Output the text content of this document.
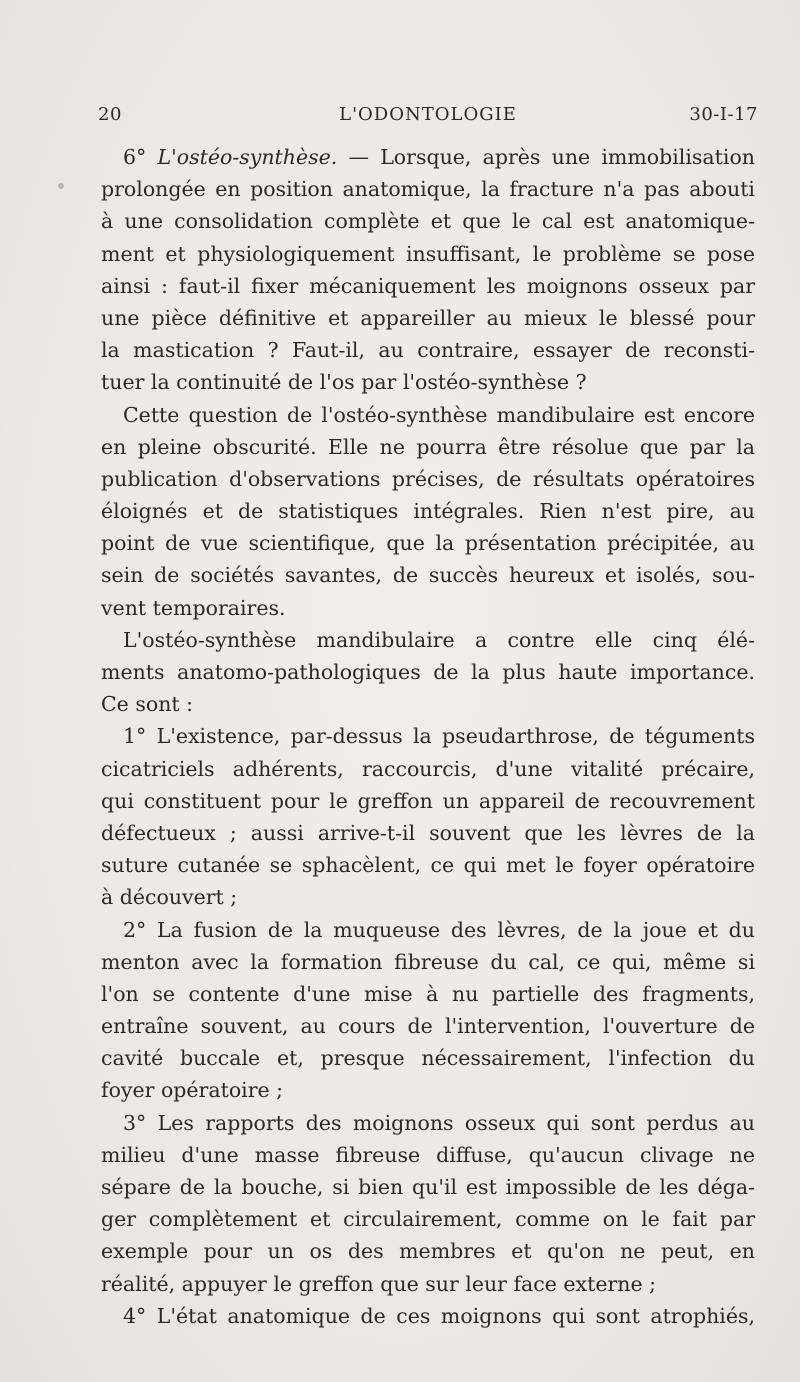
20	L'ODONTOLOGIE	30-I-17
6° L'ostéo-synthèse. — Lorsque, après une immobilisation
prolongée en position anatomique, la fracture n'a pas abouti
à une consolidation complète et que le cal est anatomique-
ment et physiologiquement insuffisant, le problème se pose
ainsi : faut-il fixer mécaniquement les moignons osseux par
une pièce définitive et appareiller au mieux le blessé pour
la mastication ? Faut-il, au contraire, essayer de reconsti-
tuer la continuité de l'os par l'ostéo-synthèse ?
Cette question de l'ostéo-synthèse mandibulaire est encore
en pleine obscurité. Elle ne pourra être résolue que par la
publication d'observations précises, de résultats opératoires
éloignés et de statistiques intégrales. Rien n'est pire, au
point de vue scientifique, que la présentation précipitée, au
sein de sociétés savantes, de succès heureux et isolés, sou-
vent temporaires.
L'ostéo-synthèse mandibulaire a contre elle cinq élé-
ments anatomo-pathologiques de la plus haute importance.
Ce sont :
1° L'existence, par-dessus la pseudarthrose, de téguments
cicatriciels adhérents, raccourcis, d'une vitalité précaire,
qui constituent pour le greffon un appareil de recouvrement
défectueux ; aussi arrive-t-il souvent que les lèvres de la
suture cutanée se sphacèlent, ce qui met le foyer opératoire
à découvert ;
2° La fusion de la muqueuse des lèvres, de la joue et du
menton avec la formation fibreuse du cal, ce qui, même si
l'on se contente d'une mise à nu partielle des fragments,
entraîne souvent, au cours de l'intervention, l'ouverture de
cavité buccale et, presque nécessairement, l'infection du
foyer opératoire ;
3° Les rapports des moignons osseux qui sont perdus au
milieu d'une masse fibreuse diffuse, qu'aucun clivage ne
sépare de la bouche, si bien qu'il est impossible de les déga-
ger complètement et circulairement, comme on le fait par
exemple pour un os des membres et qu'on ne peut, en
réalité, appuyer le greffon que sur leur face externe ;
4° L'état anatomique de ces moignons qui sont atrophiés,
